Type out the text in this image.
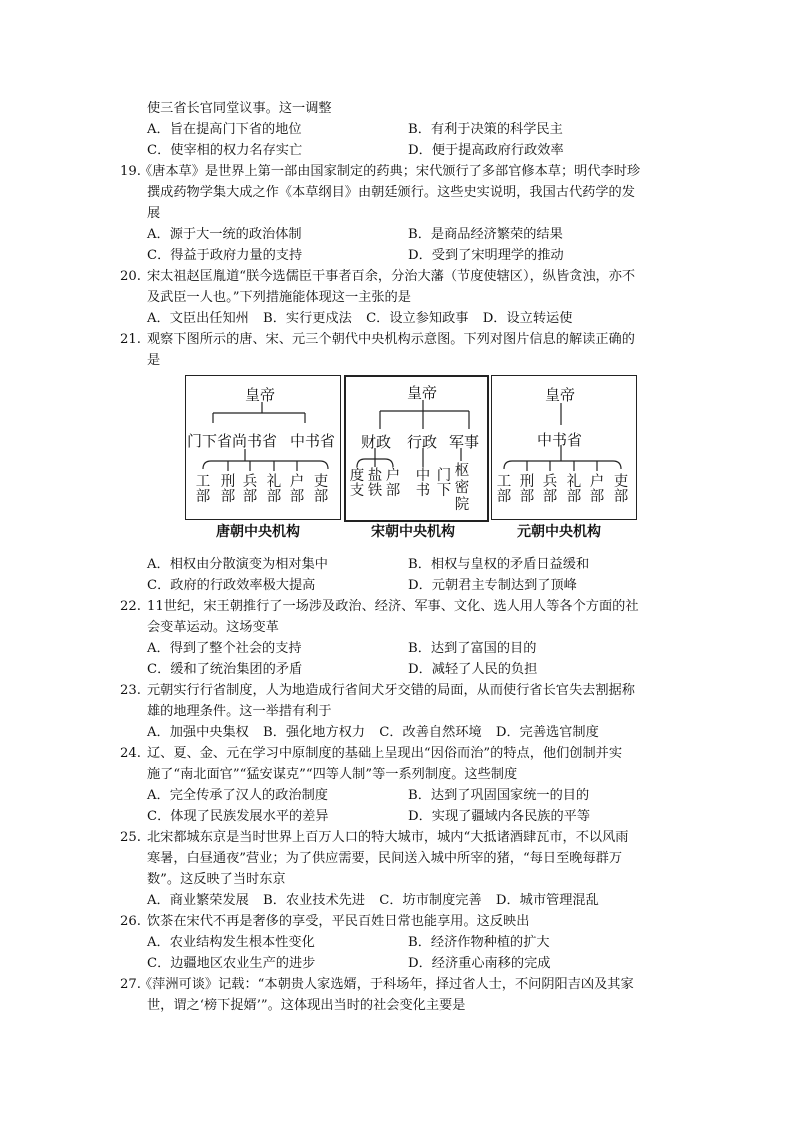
使三省长官同堂议事。这一调整
A．旨在提高门下省的地位	B．有利于决策的科学民主
C．使宰相的权力名存实亡	D．便于提高政府行政效率
19.
《唐本草》是世界上第一部由国家制定的药典；宋代颁行了多部官修本草；明代李时珍
撰成药物学集大成之作《本草纲目》由朝廷颁行。这些史实说明，我国古代药学的发
展
A．源于大一统的政治体制	B．是商品经济繁荣的结果
C．得益于政府力量的支持	D．受到了宋明理学的推动
20. 宋太祖赵匡胤道“朕今选儒臣干事者百余，分治大藩（节度使辖区），纵皆贪浊，亦不
及武臣一人也。”下列措施能体现这一主张的是
A．文臣出任知州 B．实行更戍法 C．设立参知政事 D．设立转运使
21. 观察下图所示的唐、宋、元三个朝代中央机构示意图。下列对图片信息的解读正确的
是
皇帝
门下省尚书省 中书省
工部
刑部
兵部
礼部
户部
吏部
皇帝
财政 行政 军事
度支
盐铁
户部
中书
门下
枢密院
皇帝
中书省
工部
刑部
兵部
礼部
户部
吏部
唐朝中央机构	宋朝中央机构	元朝中央机构
A．相权由分散演变为相对集中	B．相权与皇权的矛盾日益缓和
C．政府的行政效率极大提高	D．元朝君主专制达到了顶峰
22. 11世纪，宋王朝推行了一场涉及政治、经济、军事、文化、选人用人等各个方面的社
会变革运动。这场变革
A．得到了整个社会的支持	B．达到了富国的目的
C．缓和了统治集团的矛盾	D．减轻了人民的负担
23. 元朝实行行省制度，人为地造成行省间犬牙交错的局面，从而使行省长官失去割据称
雄的地理条件。这一举措有利于
A．加强中央集权 B．强化地方权力 C．改善自然环境 D．完善选官制度
24. 辽、夏、金、元在学习中原制度的基础上呈现出“因俗而治”的特点，他们创制并实
施了“南北面官”“猛安谋克”“四等人制”等一系列制度。这些制度
A．完全传承了汉人的政治制度	B．达到了巩固国家统一的目的
C．体现了民族发展水平的差异	D．实现了疆域内各民族的平等
25. 北宋都城东京是当时世界上百万人口的特大城市，城内“大抵诸酒肆瓦市，不以风雨
寒暑，白昼通夜”营业；为了供应需要，民间送入城中所宰的猪，“每日至晚每群万
数”。这反映了当时东京
A．商业繁荣发展 B．农业技术先进 C．坊市制度完善 D．城市管理混乱
26. 饮茶在宋代不再是奢侈的享受，平民百姓日常也能享用。这反映出
A．农业结构发生根本性变化	B．经济作物种植的扩大
C．边疆地区农业生产的进步	D．经济重心南移的完成
27.
《萍洲可谈》记载：“本朝贵人家选婿，于科场年，择过省人士，不问阴阳吉凶及其家
世，谓之‘榜下捉婿’”。这体现出当时的社会变化主要是
